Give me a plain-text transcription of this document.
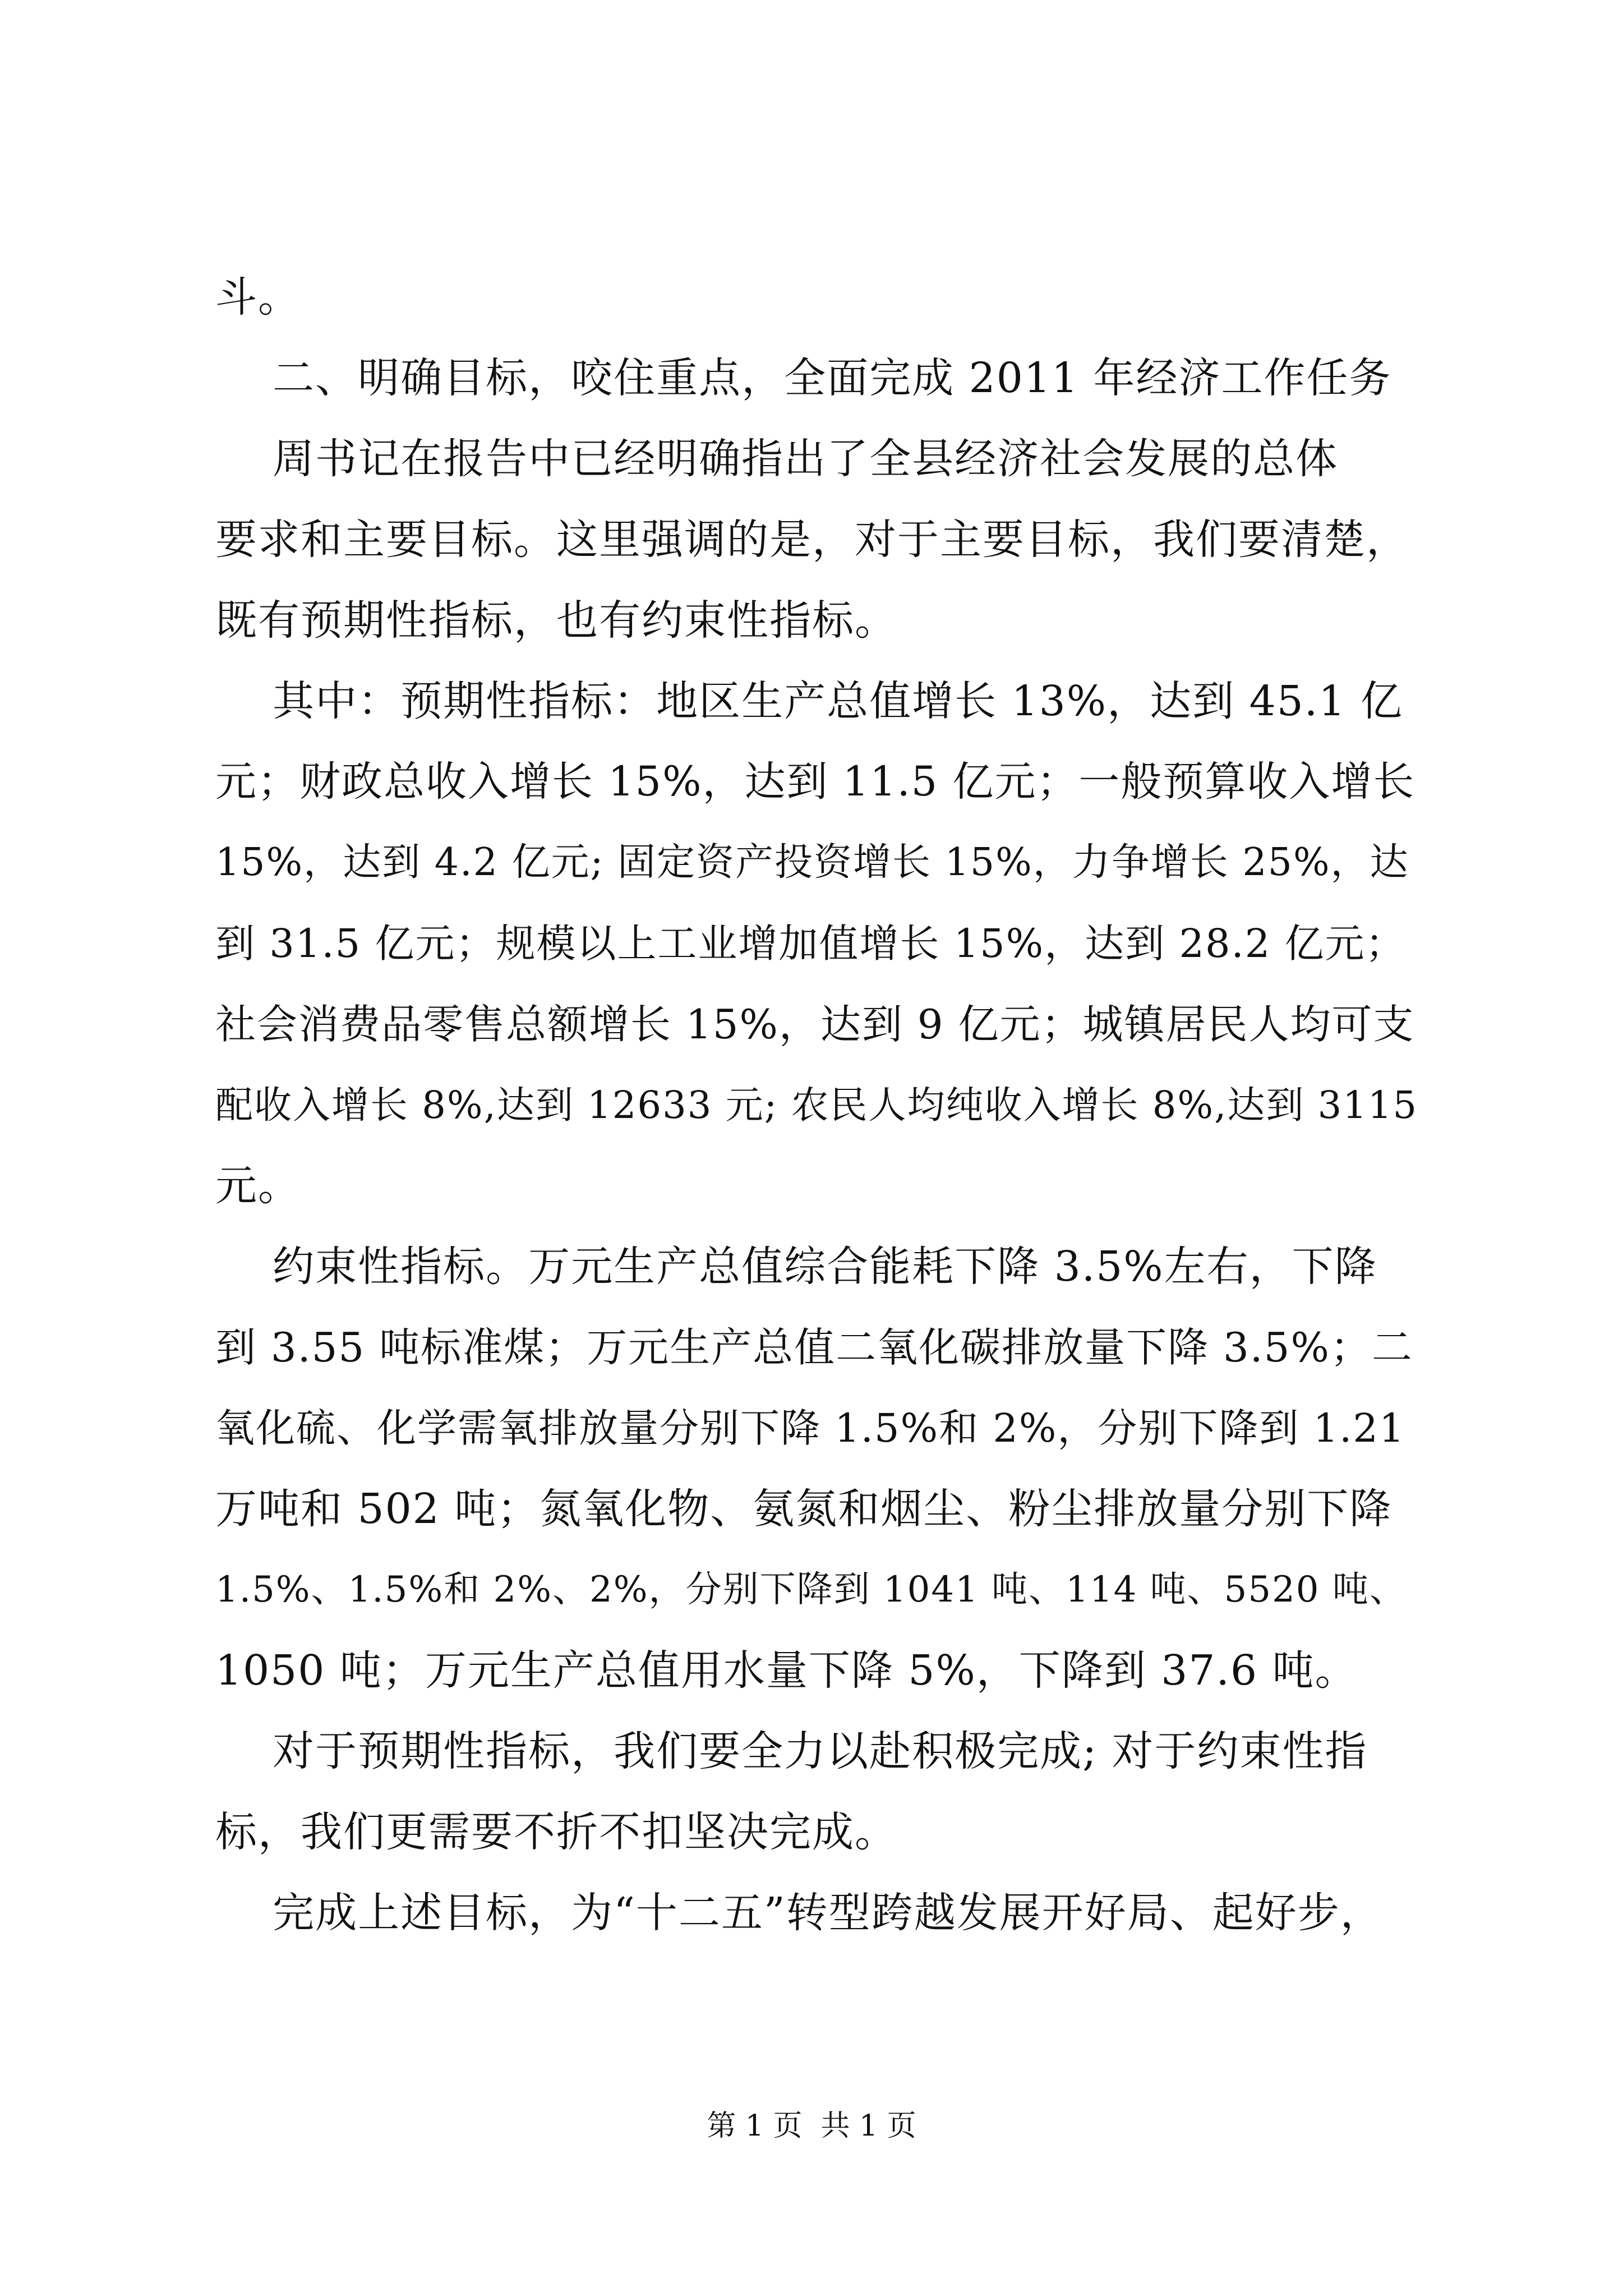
斗。
二、明确目标，咬住重点，全面完成 2011 年经济工作任务
周书记在报告中已经明确指出了全县经济社会发展的总体
要求和主要目标。这里强调的是，对于主要目标，我们要清楚，
既有预期性指标，也有约束性指标。
其中：预期性指标：地区生产总值增长 13%，达到 45.1 亿
元；财政总收入增长 15%，达到 11.5 亿元；一般预算收入增长
15%，达到 4.2 亿元; 固定资产投资增长 15%，力争增长 25%，达
到 31.5 亿元；规模以上工业增加值增长 15%，达到 28.2 亿元；
社会消费品零售总额增长 15%，达到 9 亿元；城镇居民人均可支
配收入增长 8%,达到 12633 元; 农民人均纯收入增长 8%,达到 3115
元。
约束性指标。万元生产总值综合能耗下降 3.5%左右，下降
到 3.55 吨标准煤；万元生产总值二氧化碳排放量下降 3.5%；二
氧化硫、化学需氧排放量分别下降 1.5%和 2%，分别下降到 1.21
万吨和 502 吨；氮氧化物、氨氮和烟尘、粉尘排放量分别下降
1.5%、1.5%和 2%、2%，分别下降到 1041 吨、114 吨、5520 吨、
1050 吨；万元生产总值用水量下降 5%，下降到 37.6 吨。
对于预期性指标，我们要全力以赴积极完成; 对于约束性指
标，我们更需要不折不扣坚决完成。
完成上述目标，为“十二五”转型跨越发展开好局、起好步，
第 1 页  共 1 页
